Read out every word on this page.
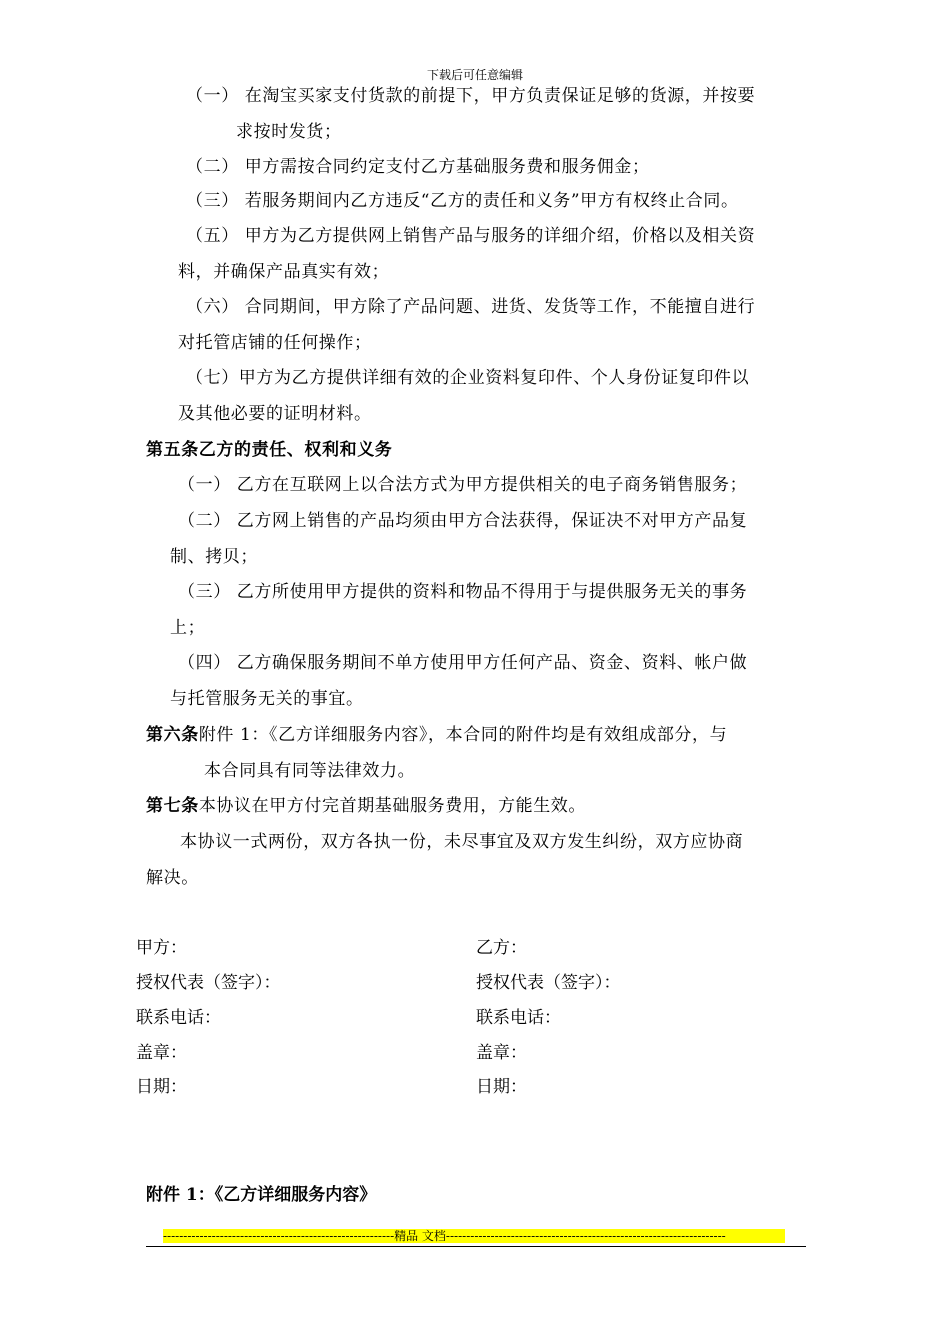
下载后可任意编辑
（一） 在淘宝买家支付货款的前提下，甲方负责保证足够的货源，并按要
求按时发货；
（二） 甲方需按合同约定支付乙方基础服务费和服务佣金；
（三） 若服务期间内乙方违反“乙方的责任和义务”甲方有权终止合同。
（五） 甲方为乙方提供网上销售产品与服务的详细介绍，价格以及相关资
料，并确保产品真实有效；
（六） 合同期间，甲方除了产品问题、进货、发货等工作，不能擅自进行
对托管店铺的任何操作；
（七）甲方为乙方提供详细有效的企业资料复印件、个人身份证复印件以
及其他必要的证明材料。
第五条乙方的责任、权利和义务
（一） 乙方在互联网上以合法方式为甲方提供相关的电子商务销售服务；
（二） 乙方网上销售的产品均须由甲方合法获得，保证决不对甲方产品复
制、拷贝；
（三） 乙方所使用甲方提供的资料和物品不得用于与提供服务无关的事务
上；
（四） 乙方确保服务期间不单方使用甲方任何产品、资金、资料、帐户做
与托管服务无关的事宜。
第六条附件 1：《乙方详细服务内容》，本合同的附件均是有效组成部分，与
本合同具有同等法律效力。
第七条本协议在甲方付完首期基础服务费用，方能生效。
本协议一式两份，双方各执一份，未尽事宜及双方发生纠纷，双方应协商
解决。
甲方：
授权代表（签字）：
联系电话：
盖章：
日期：
乙方：
授权代表（签字）：
联系电话：
盖章：
日期：
附件 1：《乙方详细服务内容》
---------------------------------------------------------精品 文档---------------------------------------------------------------------
